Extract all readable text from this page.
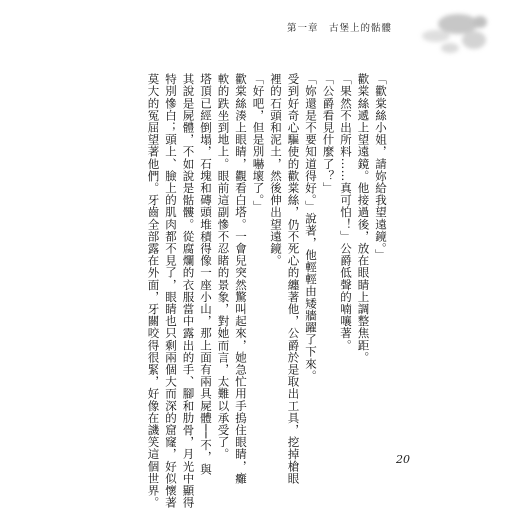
第一章　古堡上的骷髏
「歡棠絲小姐，請妳給我望遠鏡。」
歡棠絲遞上望遠鏡。他接過後，放在眼睛上調整焦距。
「果然不出所料……真可怕！」公爵低聲的喃嚷著。
「公爵看見什麼了？」
「妳還是不要知道得好。」說著，他輕輕由矮牆躍了下來。
受到好奇心驅使的歡棠絲，仍不死心的纏著他，公爵於是取出工具，挖掉槍眼
裡的石頭和泥土，然後伸出望遠鏡。
「好吧，但是別嚇壞了。」
歡棠絲湊上眼睛，觀看白塔。一會兒突然驚叫起來，她急忙用手摀住眼睛，癱
軟的跌坐到地上。眼前這副慘不忍睹的景象，對她而言，太難以承受了。
塔頂已經倒塌，石塊和磚頭堆積得像一座小山，那上面有兩具屍體──不，與
其說是屍體，不如說是骷髏。從腐爛的衣服當中露出的手、腳和肋骨，月光中顯得
特別慘白；頭上、臉上的肌肉都不見了，眼睛也只剩兩個大而深的窟窿，好似懷著
莫大的冤屈望著他們。牙齒全部露在外面，牙關咬得很緊，好像在譏笑這個世界。	20
